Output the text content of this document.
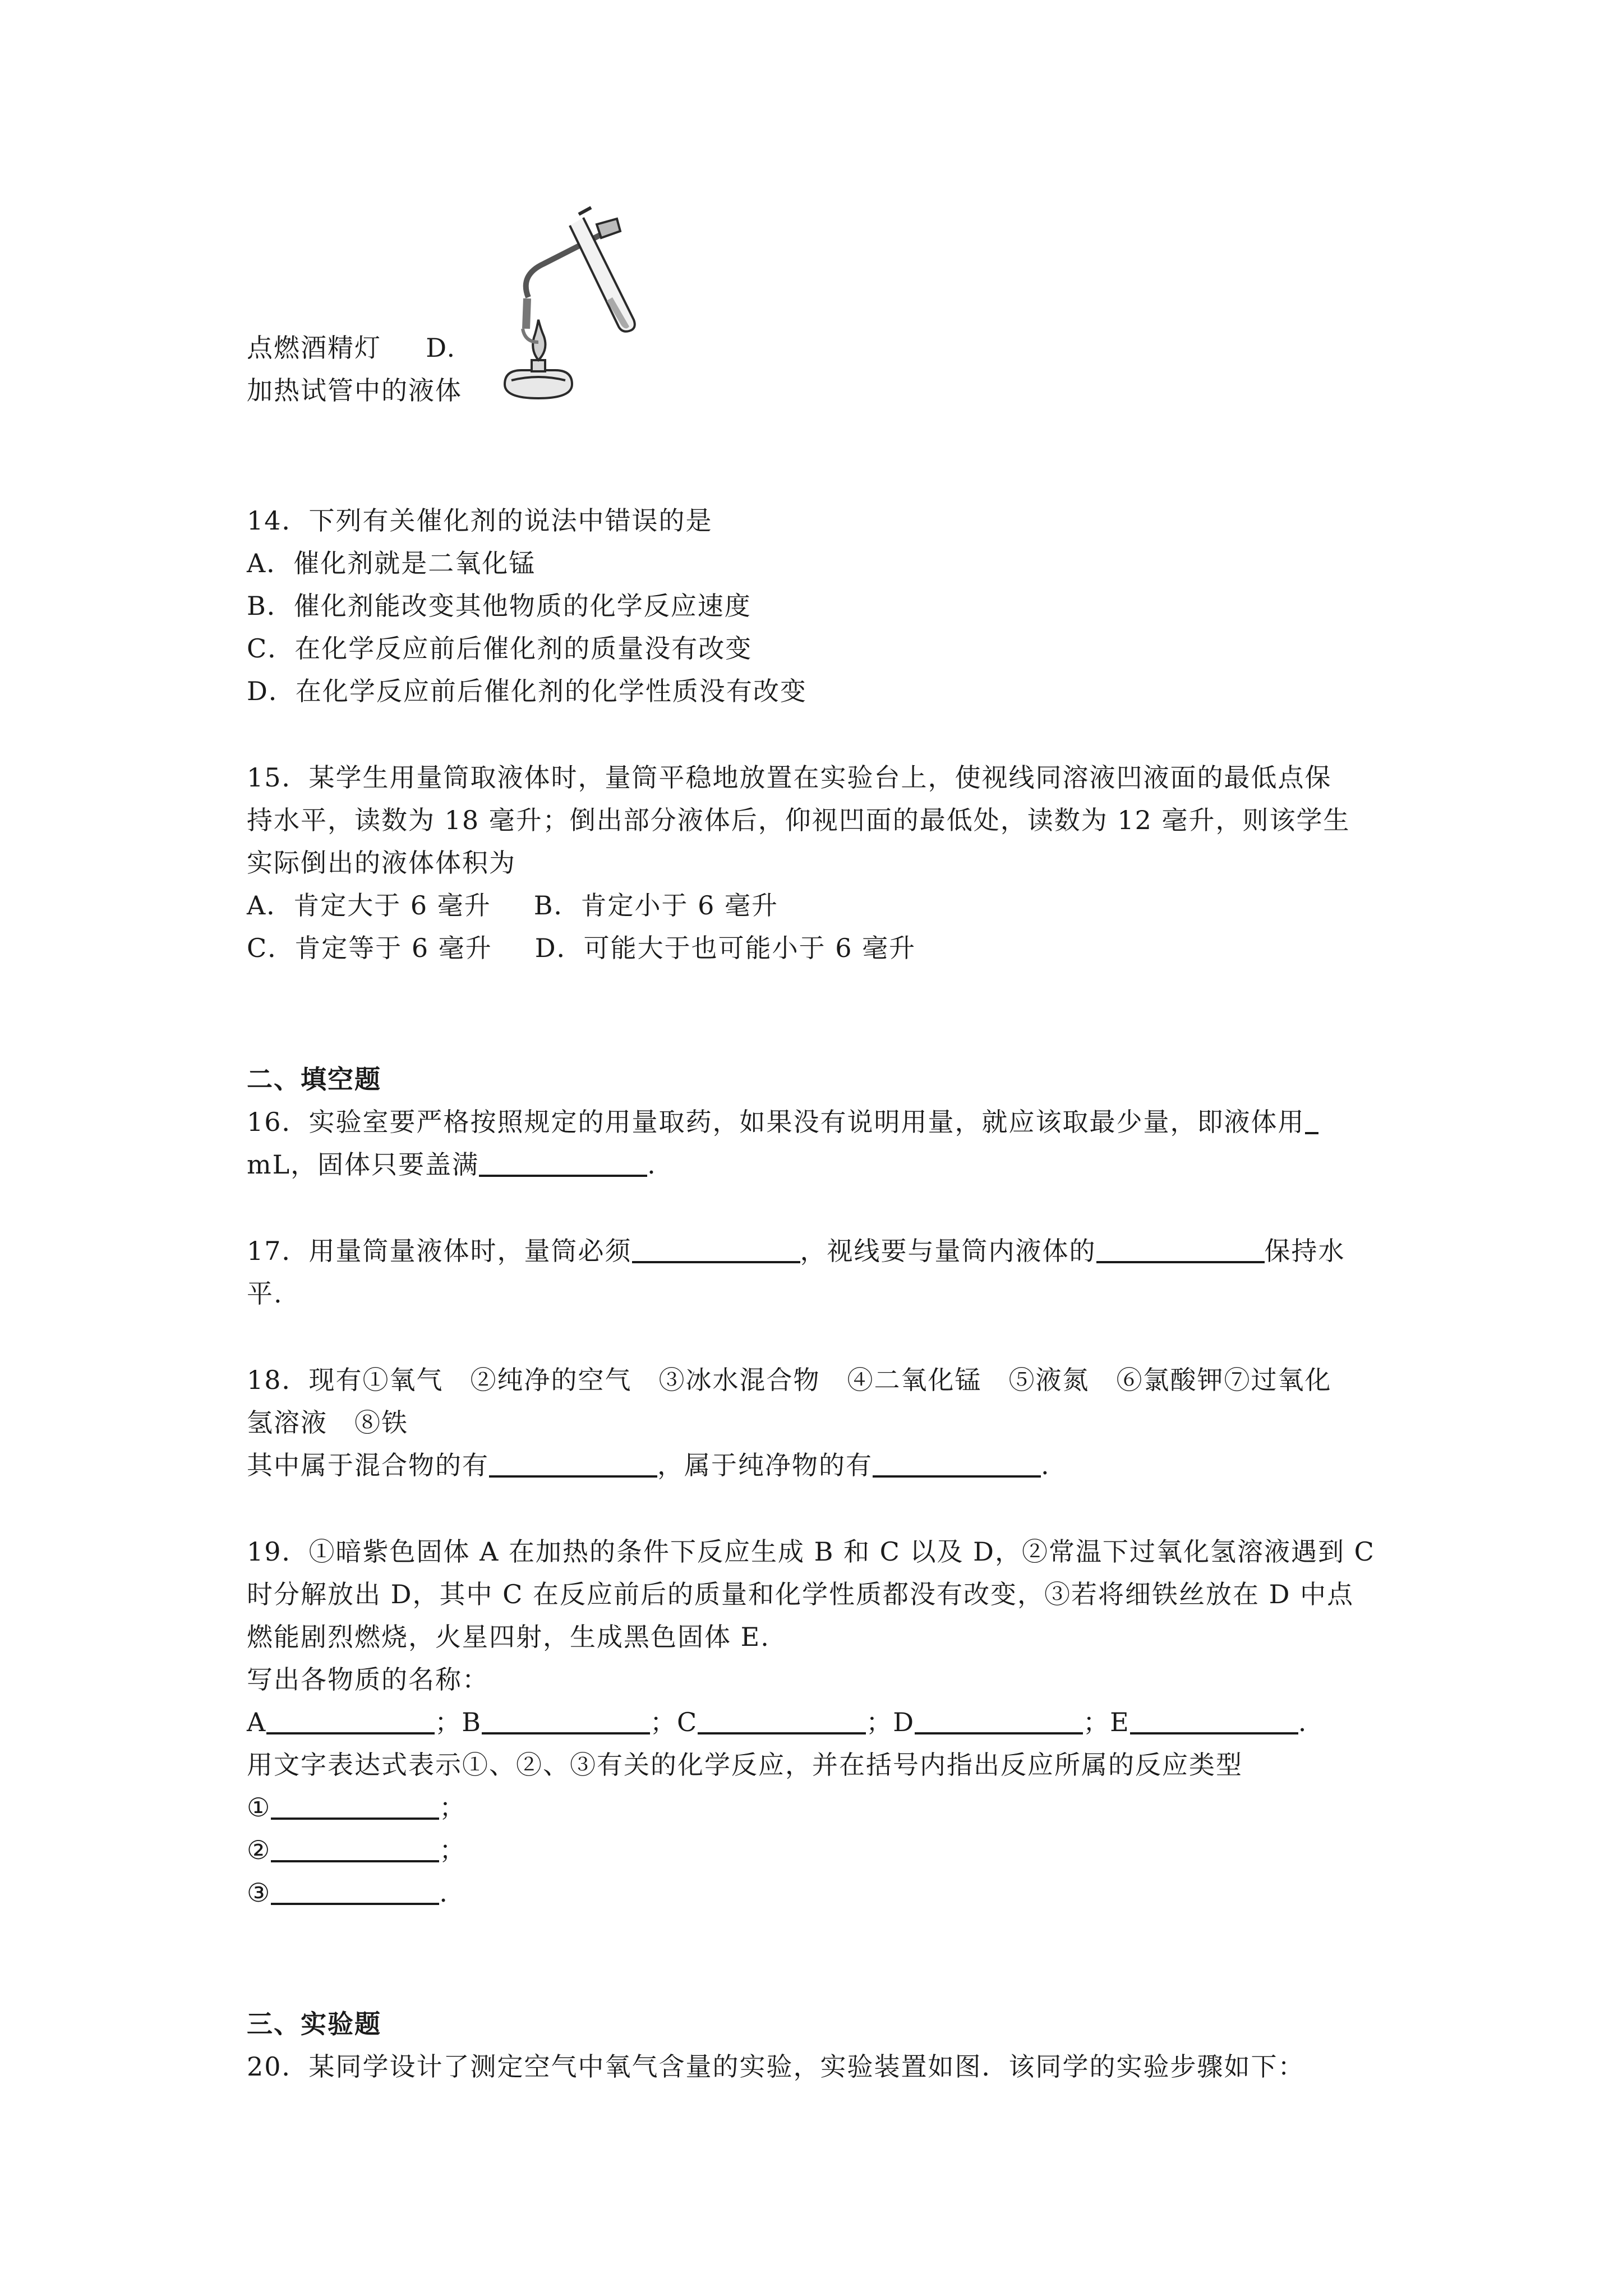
点燃酒精灯 D.

加热试管中的液体

14．下列有关催化剂的说法中错误的是

A．催化剂就是二氧化锰

B．催化剂能改变其他物质的化学反应速度

C．在化学反应前后催化剂的质量没有改变

D．在化学反应前后催化剂的化学性质没有改变

15．某学生用量筒取液体时，量筒平稳地放置在实验台上，使视线同溶液凹液面的最低点保

持水平，读数为 18 毫升；倒出部分液体后，仰视凹面的最低处，读数为 12 毫升，则该学生

实际倒出的液体体积为

A．肯定大于 6 毫升 B．肯定小于 6 毫升

C．肯定等于 6 毫升 D．可能大于也可能小于 6 毫升

二、填空题

16．实验室要严格按照规定的用量取药，如果没有说明用量，就应该取最少量，即液体用

mL，固体只要盖满	.

17．用量筒量液体时，量筒必须	，视线要与量筒内液体的	保持水

平.

18．现有①氧气　②纯净的空气　③冰水混合物　④二氧化锰　⑤液氮　⑥氯酸钾⑦过氧化

氢溶液　⑧铁

其中属于混合物的有	，属于纯净物的有	.

19．①暗紫色固体 A 在加热的条件下反应生成 B 和 C 以及 D，②常温下过氧化氢溶液遇到 C

时分解放出 D，其中 C 在反应前后的质量和化学性质都没有改变，③若将细铁丝放在 D 中点

燃能剧烈燃烧，火星四射，生成黑色固体 E.

写出各物质的名称：

A	；B	；C	；D	；E	.

用文字表达式表示①、②、③有关的化学反应，并在括号内指出反应所属的反应类型

①	；

②	；

③	.

三、实验题

20．某同学设计了测定空气中氧气含量的实验，实验装置如图．该同学的实验步骤如下：
